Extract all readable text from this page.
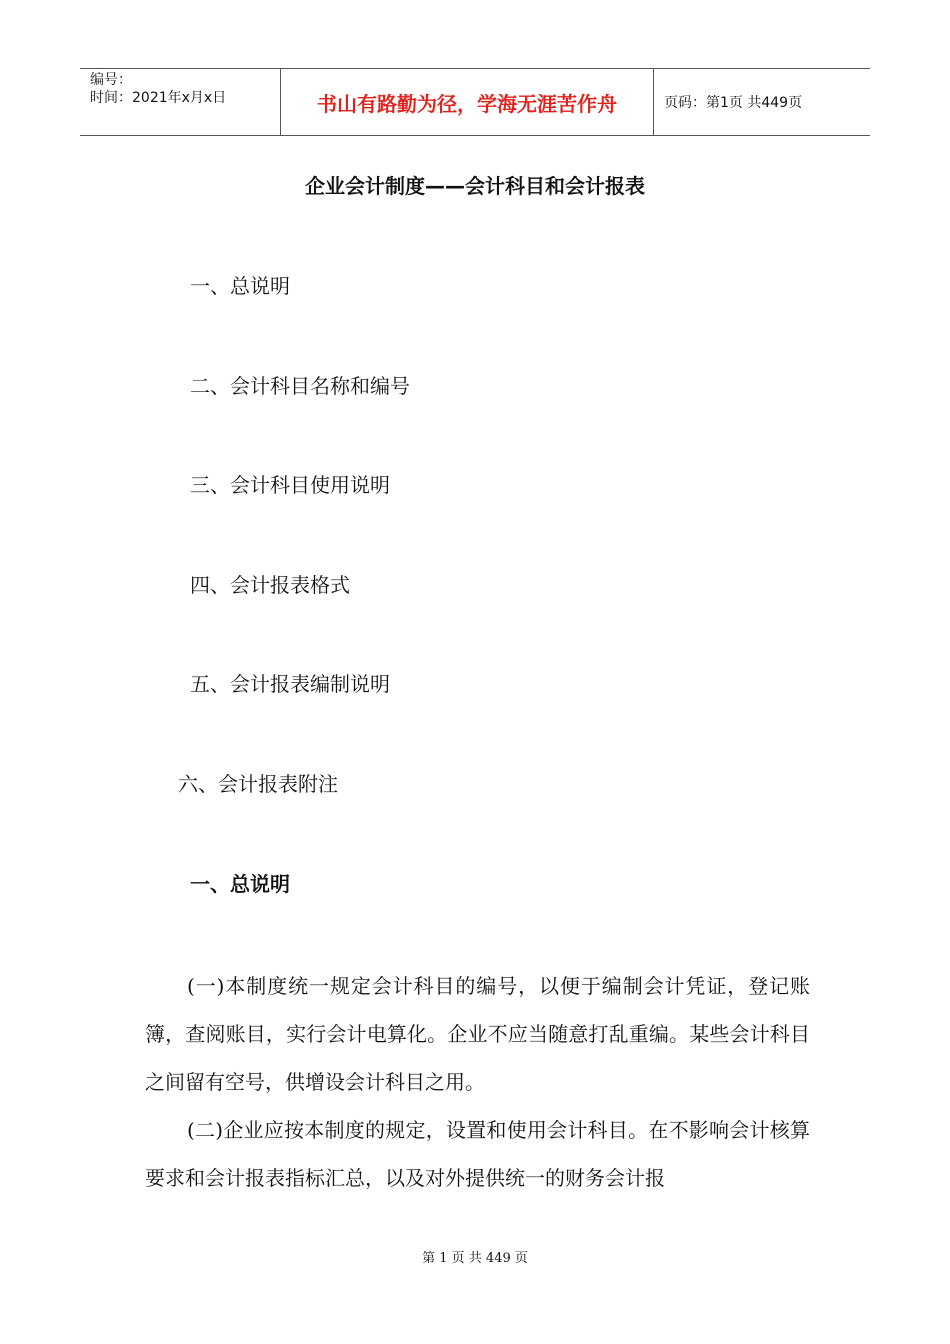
编号：
时间：2021年x月x日	书山有路勤为径，学海无涯苦作舟	页码：第1页 共449页
企业会计制度——会计科目和会计报表
一、总说明
二、会计科目名称和编号
三、会计科目使用说明
四、会计报表格式
五、会计报表编制说明
六、会计报表附注
一、总说明

(一)本制度统一规定会计科目的编号，以便于编制会计凭证，登记账簿，查阅账目，实行会计电算化。企业不应当随意打乱重编。某些会计科目之间留有空号，供增设会计科目之用。

(二)企业应按本制度的规定，设置和使用会计科目。在不影响会计核算要求和会计报表指标汇总，以及对外提供统一的财务会计报

第 1 页 共 449 页
